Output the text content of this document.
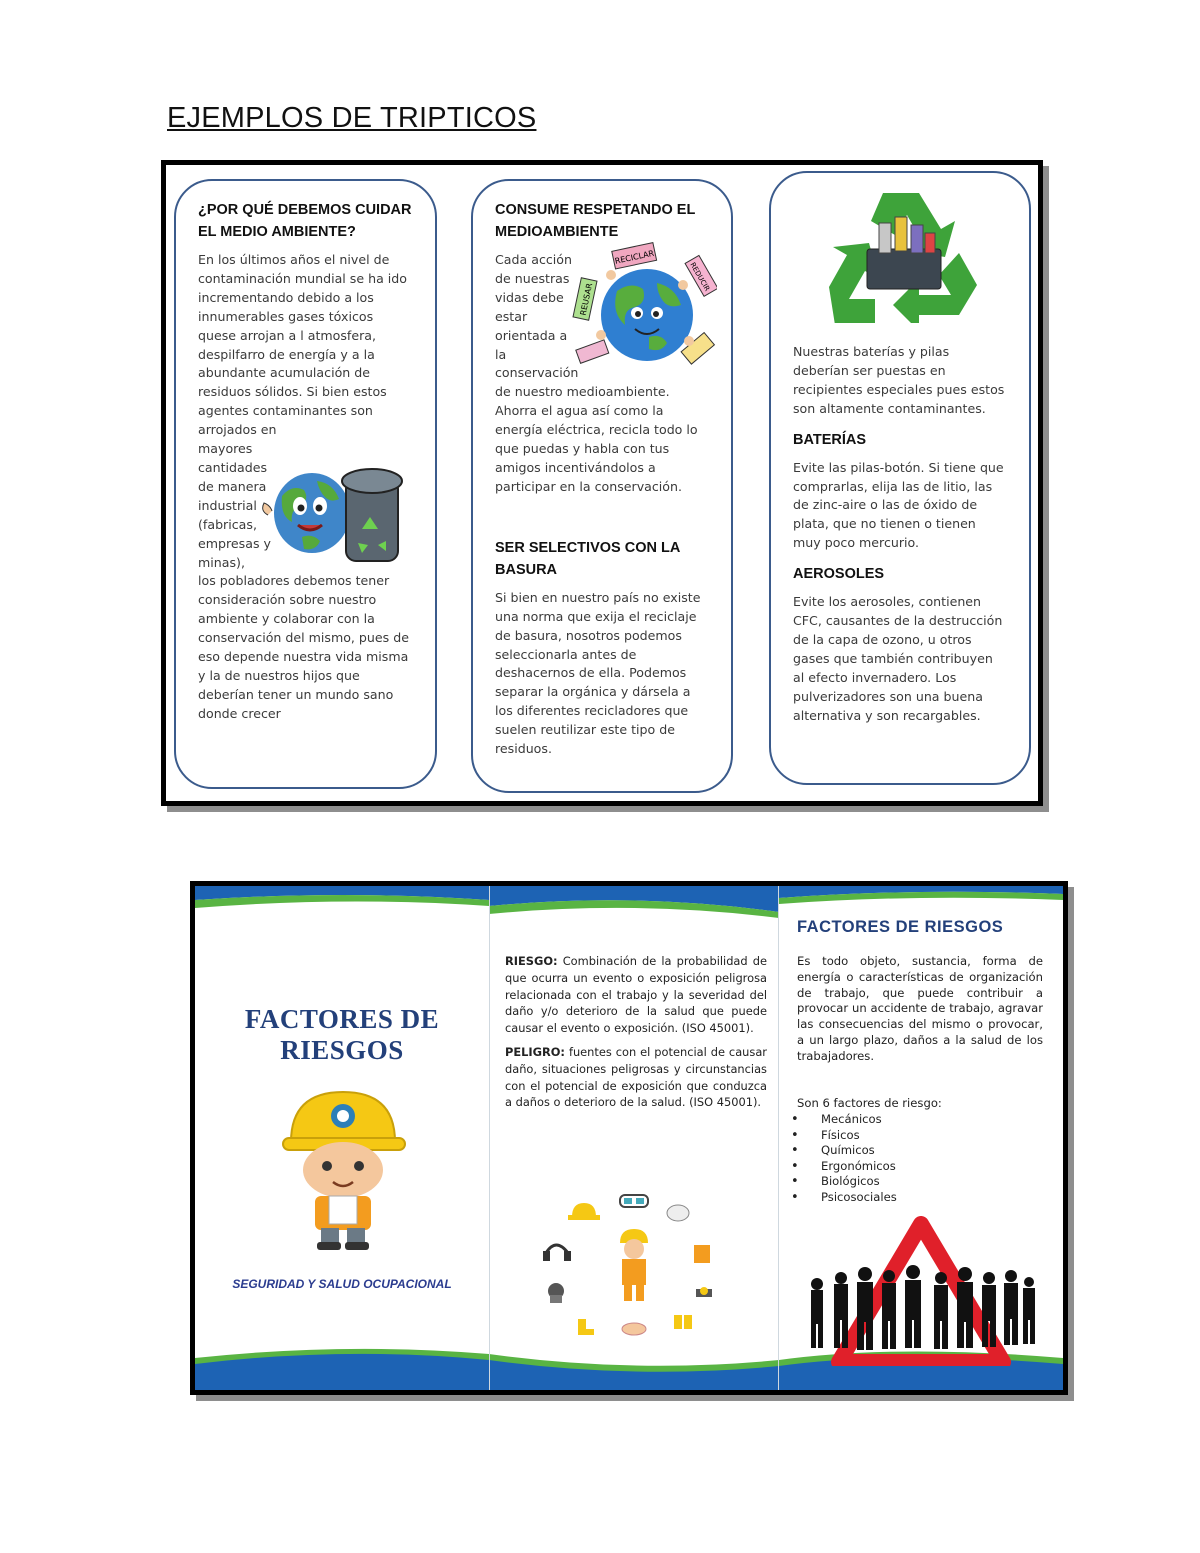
EJEMPLOS DE TRIPTICOS
¿POR QUÉ DEBEMOS CUIDAR EL MEDIO AMBIENTE?

En los últimos años el nivel de contaminación mundial se ha ido incrementando debido a los innumerables gases tóxicos quese arrojan a l atmosfera, despilfarro de energía y a la abundante acumulación de residuos sólidos. Si bien estos agentes contaminantes son

arrojados en mayores cantidades de manera industrial (fabricas, empresas y minas),

los pobladores debemos tener consideración sobre nuestro ambiente y colaborar con la conservación del mismo, pues de eso depende nuestra vida misma y la de nuestros hijos que deberían tener un mundo sano donde crecer

CONSUME RESPETANDO EL MEDIOAMBIENTE

Cada acción de nuestras vidas debe estar orientada a la conservación

de nuestro medioambiente. Ahorra el agua así como la energía eléctrica, recicla todo lo que puedas y habla con tus amigos incentivándolos a participar en la conservación.

SER SELECTIVOS CON LA BASURA

Si bien en nuestro país no existe una norma que exija el reciclaje de basura, nosotros podemos seleccionarla antes de deshacernos de ella. Podemos separar la orgánica y dársela a los diferentes recicladores que suelen reutilizar este tipo de residuos.

RECICLAR
REUSAR
REDUCIR

Nuestras baterías y pilas deberían ser puestas en recipientes especiales pues estos son altamente contaminantes.

BATERÍAS

Evite las pilas-botón. Si tiene que comprarlas, elija las de litio, las de zinc-aire o las de óxido de plata, que no tienen o tienen muy poco mercurio.

AEROSOLES

Evite los aerosoles, contienen CFC, causantes de la destrucción de la capa de ozono, u otros gases que también contribuyen al efecto invernadero. Los pulverizadores son una buena alternativa y son recargables.

FACTORES DE RIESGOS
SEGURIDAD Y SALUD OCUPACIONAL

RIESGO: Combinación de la probabilidad de que ocurra un evento o exposición peligrosa relacionada con el trabajo y la severidad del daño y/o deterioro de la salud que puede causar el evento o exposición. (ISO 45001).

PELIGRO: fuentes con el potencial de causar daño, situaciones peligrosas y circunstancias con el potencial de exposición que conduzca a daños o deterioro de la salud. (ISO 45001).

FACTORES DE RIESGOS

Es todo objeto, sustancia, forma de energía o características de organización de trabajo, que puede contribuir a provocar un accidente de trabajo, agravar las consecuencias del mismo o provocar, a un largo plazo, daños a la salud de los trabajadores.

Son 6 factores de riesgo:

• Mecánicos
• Físicos
• Químicos
• Ergonómicos
• Biológicos
• Psicosociales
